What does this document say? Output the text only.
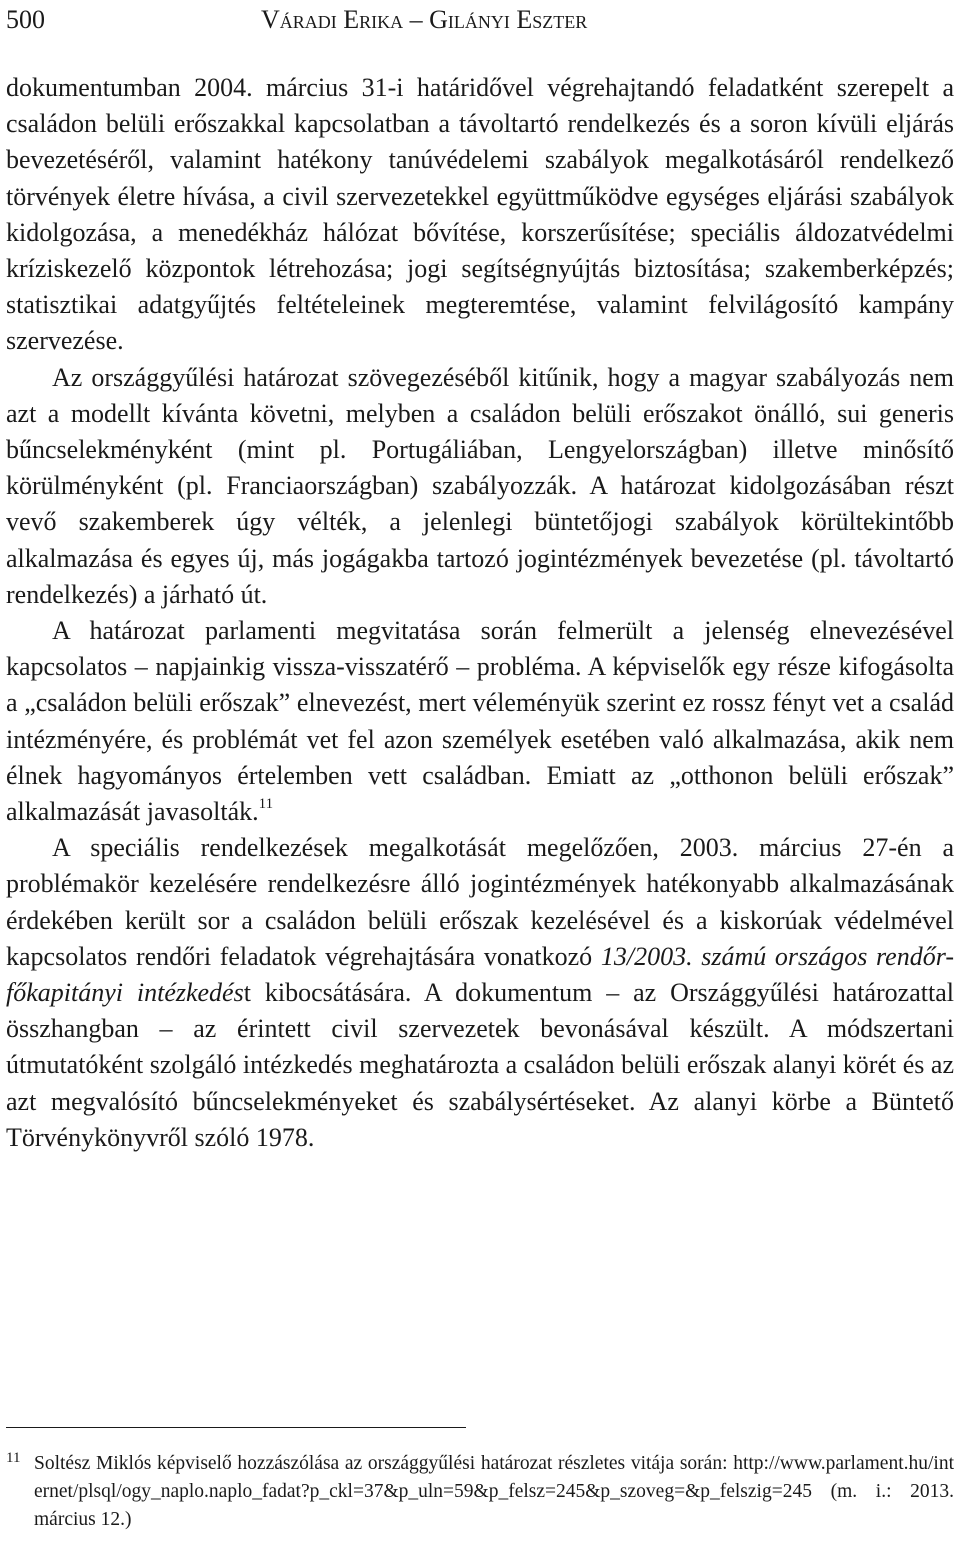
500	Váradi Erika – Gilányi Eszter

dokumentumban 2004. március 31-i határidővel végrehajtandó feladatként szerepelt a családon belüli erőszakkal kapcsolatban a távoltartó rendelkezés és a soron kívüli eljárás bevezetéséről, valamint hatékony tanúvédelemi szabályok megalkotásáról rendelkező törvények életre hívása, a civil szervezetekkel együttműködve egységes eljárási szabályok kidolgozása, a menedékház hálózat bővítése, korszerűsítése; speciális áldozatvédelmi kríziskezelő központok létrehozása; jogi segítségnyújtás biztosítása; szakemberképzés; statisztikai adatgyűjtés feltételeinek megteremtése, valamint felvilágosító kampány szervezése.

Az országgyűlési határozat szövegezéséből kitűnik, hogy a magyar szabályozás nem azt a modellt kívánta követni, melyben a családon belüli erőszakot önálló, sui generis bűncselekményként (mint pl. Portugáliában, Lengyelországban) illetve minősítő körülményként (pl. Franciaországban) szabályozzák. A határozat kidolgozásában részt vevő szakemberek úgy vélték, a jelenlegi büntetőjogi szabályok körültekintőbb alkalmazása és egyes új, más jogágakba tartozó jogintézmények bevezetése (pl. távoltartó rendelkezés) a járható út.

A határozat parlamenti megvitatása során felmerült a jelenség elnevezésével kapcsolatos – napjainkig vissza-visszatérő – probléma. A képviselők egy része kifogásolta a „családon belüli erőszak” elnevezést, mert véleményük szerint ez rossz fényt vet a család intézményére, és problémát vet fel azon személyek esetében való alkalmazása, akik nem élnek hagyományos értelemben vett családban. Emiatt az „otthonon belüli erőszak” alkalmazását javasolták.$^{11}$

A speciális rendelkezések megalkotását megelőzően, 2003. március 27-én a problémakör kezelésére rendelkezésre álló jogintézmények hatékonyabb alkalmazásának érdekében került sor a családon belüli erőszak kezelésével és a kiskorúak védelmével kapcsolatos rendőri feladatok végrehajtására vonatkozó 13/2003. számú országos rendőr-főkapitányi intézkedést kibocsátására. A dokumentum – az Országgyűlési határozattal összhangban – az érintett civil szervezetek bevonásával készült. A módszertani útmutatóként szolgáló intézkedés meghatározta a családon belüli erőszak alanyi körét és az azt megvalósító bűncselekményeket és szabálysértéseket. Az alanyi körbe a Büntető Törvénykönyvről szóló 1978.

11 Soltész Miklós képviselő hozzászólása az országgyűlési határozat részletes vitája során: http://www.parlament.hu/internet/plsql/ogy_naplo.naplo_fadat?p_ckl=37&p_uln=59&p_felsz=245&p_szoveg=&p_felszig=245 (m. i.: 2013. március 12.)
